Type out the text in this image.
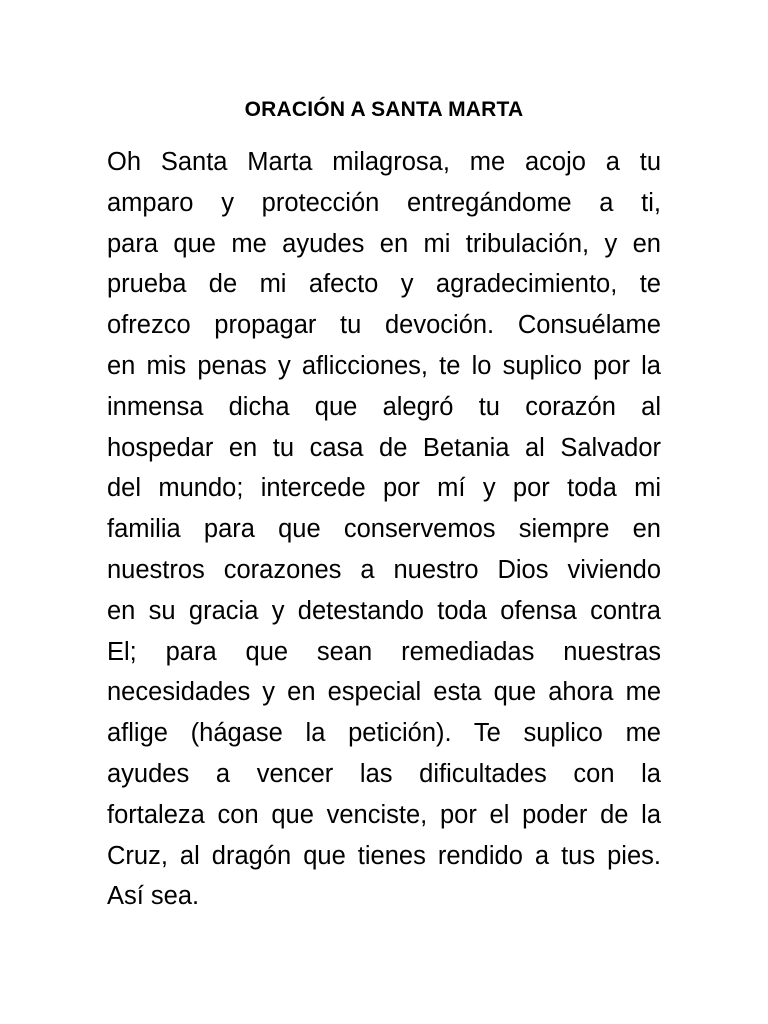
ORACIÓN A SANTA MARTA
Oh Santa Marta milagrosa, me acojo a tu
amparo y protección entregándome a ti,
para que me ayudes en mi tribulación, y en
prueba de mi afecto y agradecimiento, te
ofrezco propagar tu devoción. Consuélame
en mis penas y aflicciones, te lo suplico por la
inmensa dicha que alegró tu corazón al
hospedar en tu casa de Betania al Salvador
del mundo; intercede por mí y por toda mi
familia para que conservemos siempre en
nuestros corazones a nuestro Dios viviendo
en su gracia y detestando toda ofensa contra
El; para que sean remediadas nuestras
necesidades y en especial esta que ahora me
aflige (hágase la petición). Te suplico me
ayudes a vencer las dificultades con la
fortaleza con que venciste, por el poder de la
Cruz, al dragón que tienes rendido a tus pies.
Así sea.
